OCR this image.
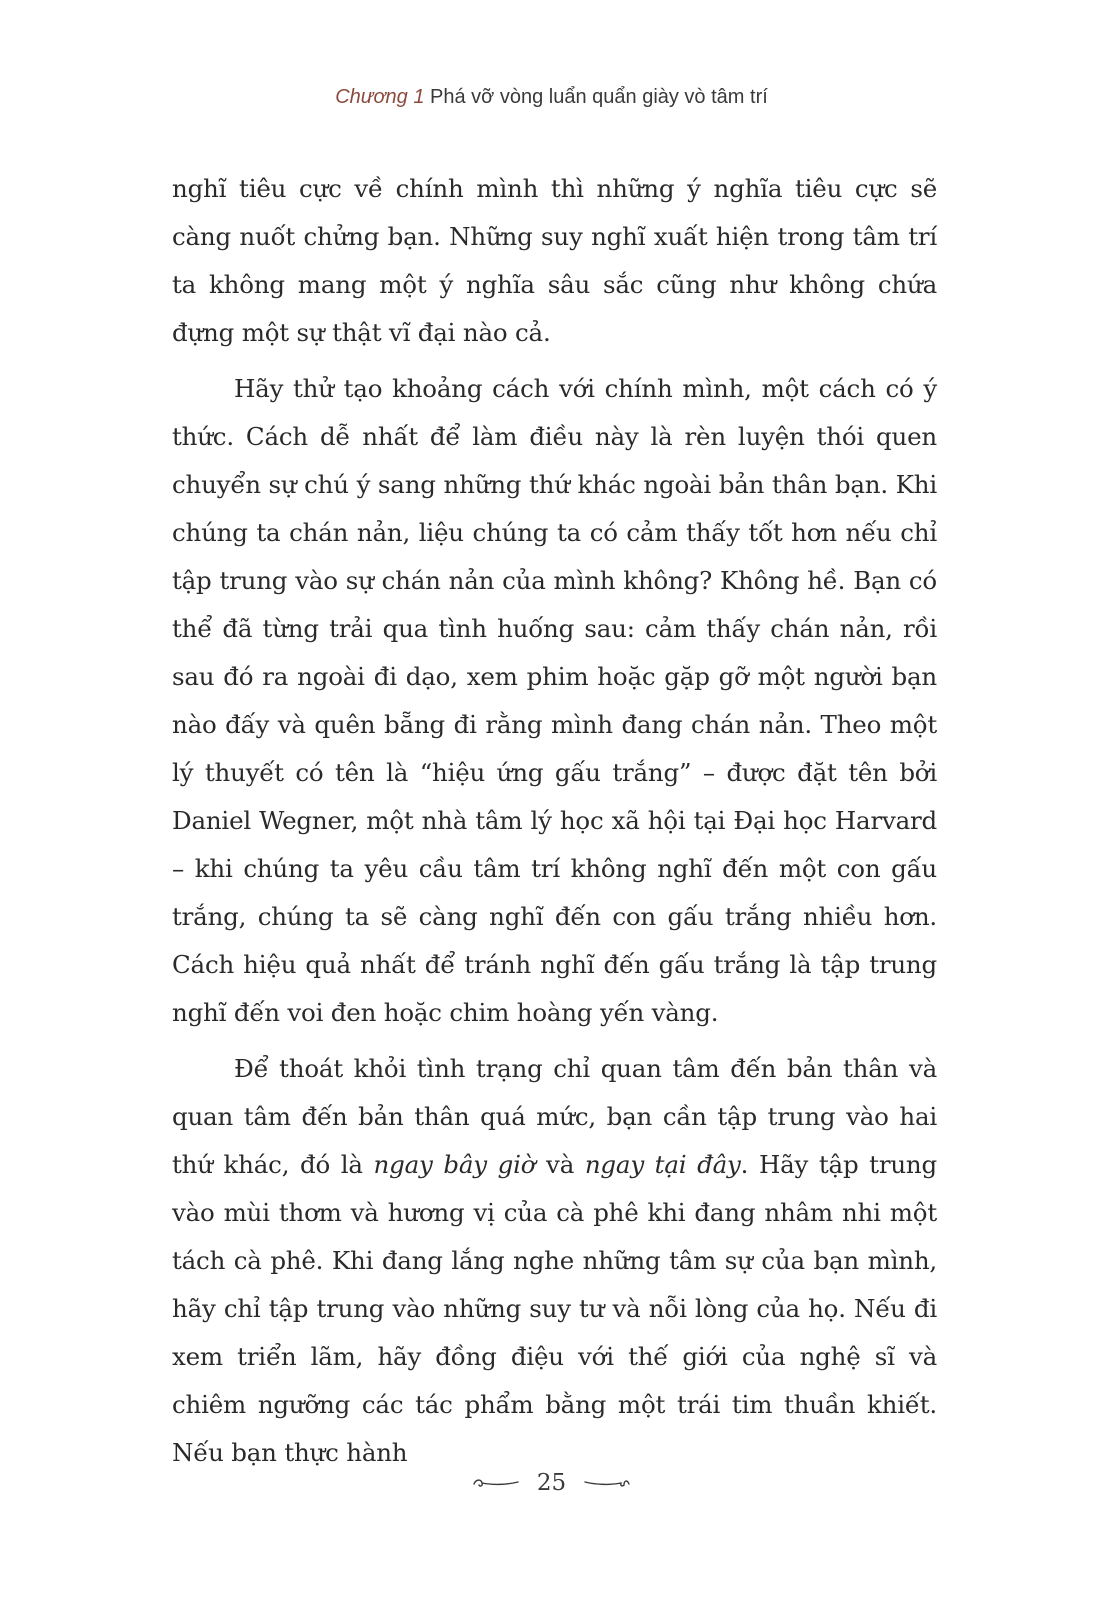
Chương 1 Phá vỡ vòng luẩn quẩn giày vò tâm trí

nghĩ tiêu cực về chính mình thì những ý nghĩa tiêu cực sẽ càng nuốt chửng bạn. Những suy nghĩ xuất hiện trong tâm trí ta không mang một ý nghĩa sâu sắc cũng như không chứa đựng một sự thật vĩ đại nào cả.

Hãy thử tạo khoảng cách với chính mình, một cách có ý thức. Cách dễ nhất để làm điều này là rèn luyện thói quen chuyển sự chú ý sang những thứ khác ngoài bản thân bạn. Khi chúng ta chán nản, liệu chúng ta có cảm thấy tốt hơn nếu chỉ tập trung vào sự chán nản của mình không? Không hề. Bạn có thể đã từng trải qua tình huống sau: cảm thấy chán nản, rồi sau đó ra ngoài đi dạo, xem phim hoặc gặp gỡ một người bạn nào đấy và quên bẵng đi rằng mình đang chán nản. Theo một lý thuyết có tên là “hiệu ứng gấu trắng” – được đặt tên bởi Daniel Wegner, một nhà tâm lý học xã hội tại Đại học Harvard – khi chúng ta yêu cầu tâm trí không nghĩ đến một con gấu trắng, chúng ta sẽ càng nghĩ đến con gấu trắng nhiều hơn. Cách hiệu quả nhất để tránh nghĩ đến gấu trắng là tập trung nghĩ đến voi đen hoặc chim hoàng yến vàng.

Để thoát khỏi tình trạng chỉ quan tâm đến bản thân và quan tâm đến bản thân quá mức, bạn cần tập trung vào hai thứ khác, đó là ngay bây giờ và ngay tại đây. Hãy tập trung vào mùi thơm và hương vị của cà phê khi đang nhâm nhi một tách cà phê. Khi đang lắng nghe những tâm sự của bạn mình, hãy chỉ tập trung vào những suy tư và nỗi lòng của họ. Nếu đi xem triển lãm, hãy đồng điệu với thế giới của nghệ sĩ và chiêm ngưỡng các tác phẩm bằng một trái tim thuần khiết. Nếu bạn thực hành

25
